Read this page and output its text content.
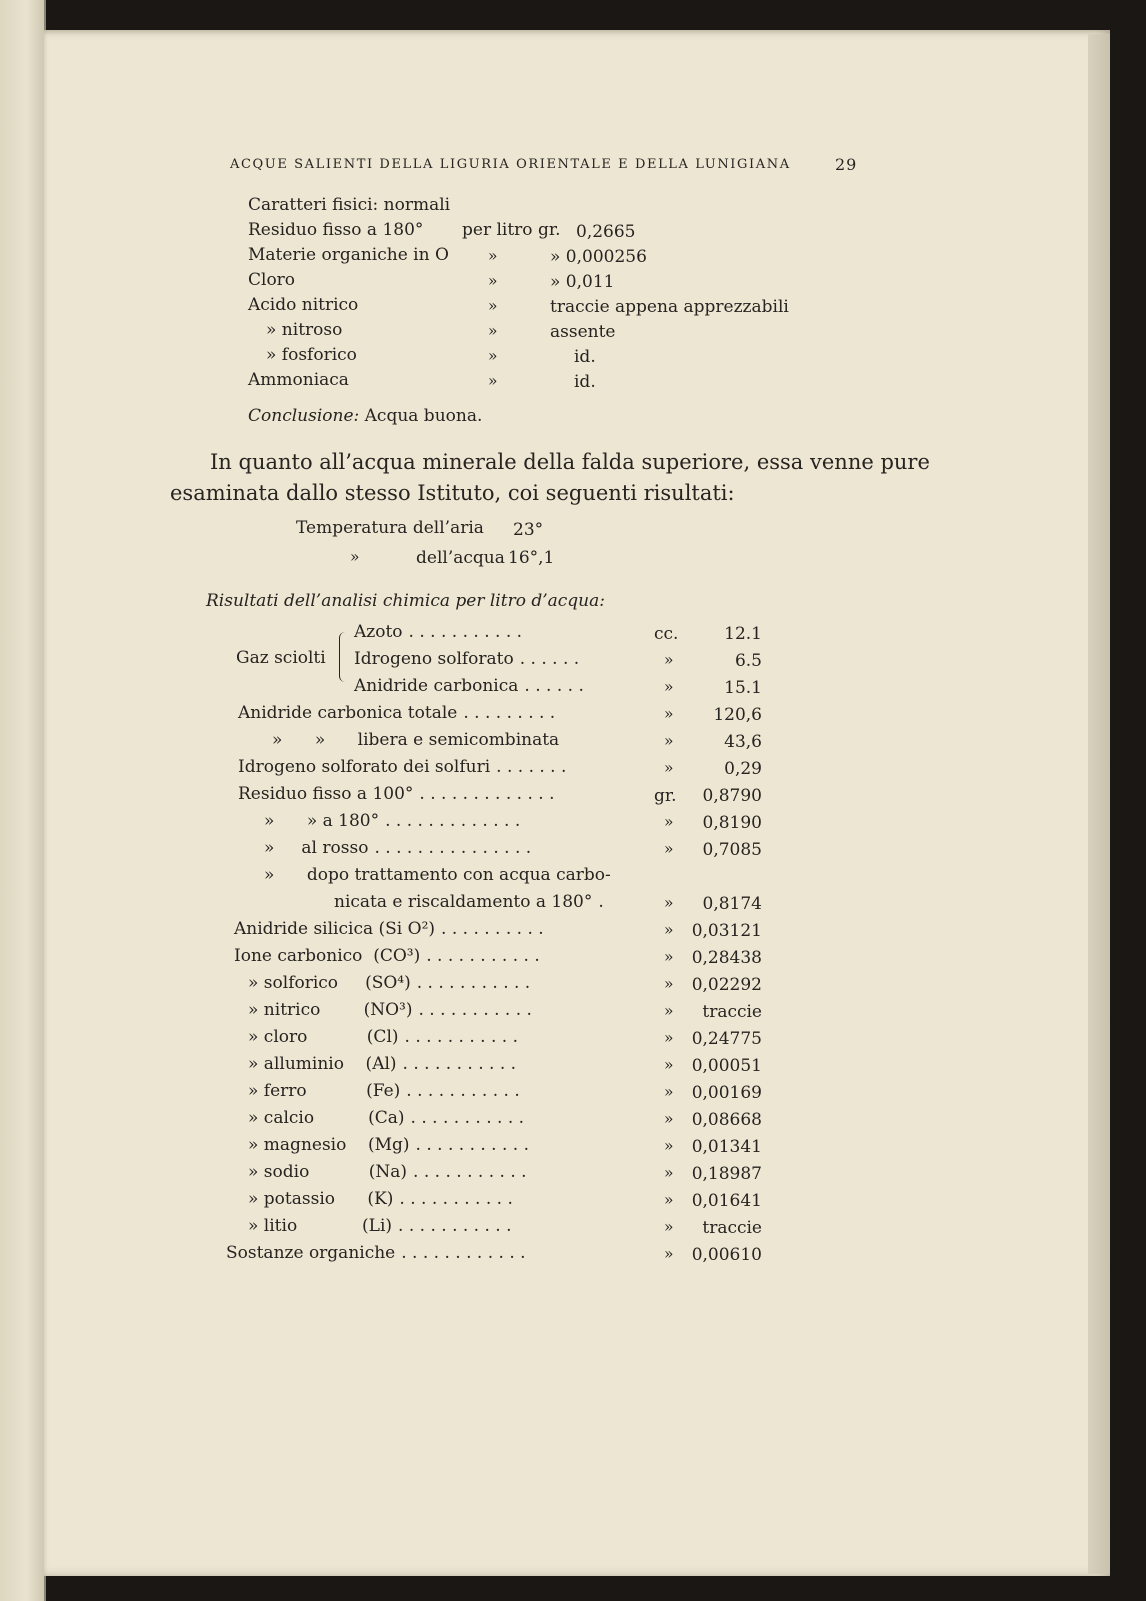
ACQUE SALIENTI DELLA LIGURIA ORIENTALE E DELLA LUNIGIANA	29
Caratteri fisici: normali
Residuo fisso a 180° per litro gr. 0,2665
Materie organiche in O	»	» 0,000256
Cloro	»	» 0,011
Acido nitrico	»	traccie appena apprezzabili
» nitroso	»	assente
» fosforico	»	id.
Ammoniaca	»	id.
Conclusione: Acqua buona.
In quanto all’acqua minerale della falda superiore, essa venne pure
esaminata dallo stesso Istituto, coi seguenti risultati:
Temperatura dell’aria 23°
»	dell’acqua 16°,1
Risultati dell’analisi chimica per litro d’acqua:
Gaz sciolti
Azoto . . . . . . . . . . .	cc.	12.1
Idrogeno solforato . . . . . .	»	6.5
Anidride carbonica . . . . . .	»	15.1
Anidride carbonica totale . . . . . . . . .	» 120,6
»      »      libera e semicombinata	»	43,6
Idrogeno solforato dei solfuri . . . . . . .	»	0,29
Residuo fisso a 100° . . . . . . . . . . . . .	gr. 0,8790
»      » a 180° . . . . . . . . . . . . .	» 0,8190
»     al rosso . . . . . . . . . . . . . . .	» 0,7085
»      dopo trattamento con acqua carbo-
nicata e riscaldamento a 180° .	» 0,8174
Anidride silicica (Si O²) . . . . . . . . . .	» 0,03121
Ione carbonico  (CO³) . . . . . . . . . . .	» 0,28438
» solforico     (SO⁴) . . . . . . . . . . .	» 0,02292
» nitrico        (NO³) . . . . . . . . . . .	» traccie
» cloro           (Cl) . . . . . . . . . . .	» 0,24775
» alluminio    (Al) . . . . . . . . . . .	» 0,00051
» ferro           (Fe) . . . . . . . . . . .	» 0,00169
» calcio          (Ca) . . . . . . . . . . .	» 0,08668
» magnesio    (Mg) . . . . . . . . . . .	» 0,01341
» sodio           (Na) . . . . . . . . . . .	» 0,18987
» potassio      (K) . . . . . . . . . . .	» 0,01641
» litio            (Li) . . . . . . . . . . .	» traccie
Sostanze organiche . . . . . . . . . . . .	» 0,00610
